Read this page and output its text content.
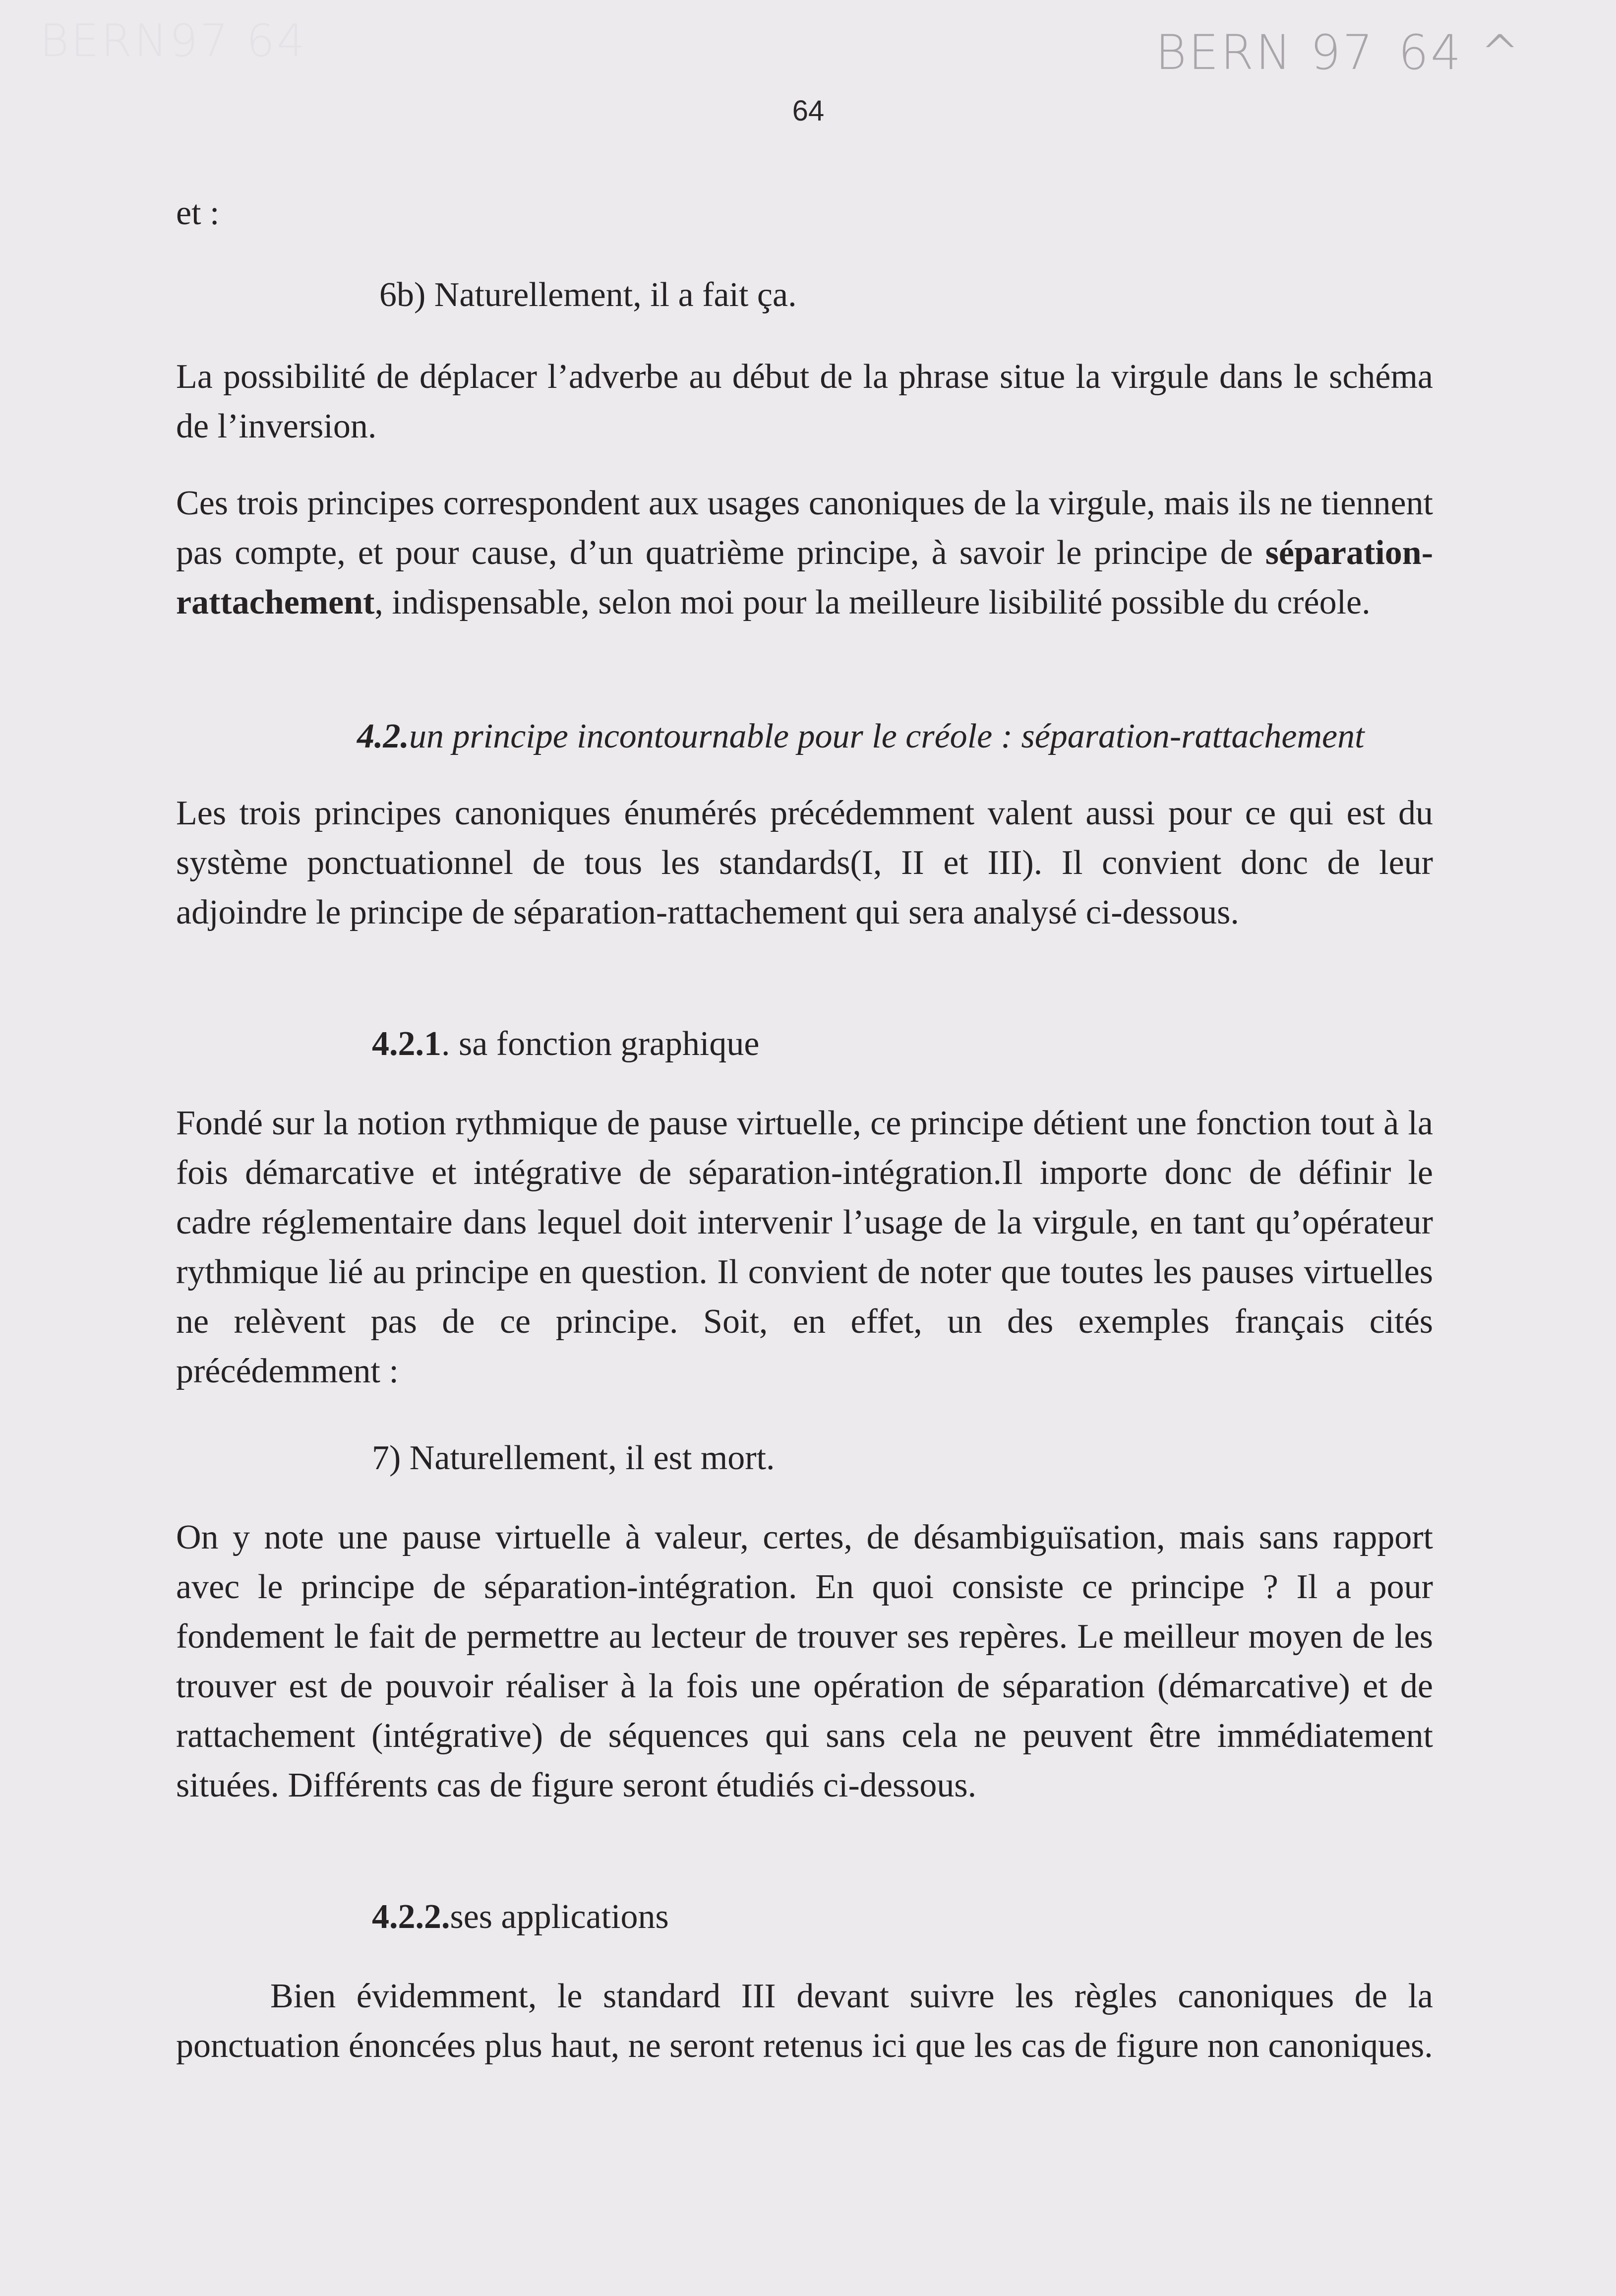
BERN97 64	BERN 97 64 ^
64

et :

6b) Naturellement, il a fait ça.

La possibilité de déplacer l’adverbe au début de la phrase situe la virgule dans le schéma de l’inversion.

Ces trois principes correspondent aux usages canoniques de la virgule, mais ils ne tiennent pas compte, et pour cause, d’un quatrième principe, à savoir le principe de séparation-rattachement, indispensable, selon moi pour la meilleure lisibilité possible du créole.

4.2.un principe incontournable pour le créole : séparation-rattachement

Les trois principes canoniques énumérés précédemment valent aussi pour ce qui est du système ponctuationnel de tous les standards(I, II et III). Il convient donc de leur adjoindre le principe de séparation-rattachement qui sera analysé ci-dessous.

4.2.1. sa fonction graphique

Fondé sur la notion rythmique de pause virtuelle, ce principe détient une fonction tout à la fois démarcative et intégrative de séparation-intégration.Il importe donc de définir le cadre réglementaire dans lequel doit intervenir l’usage de la virgule, en tant qu’opérateur rythmique lié au principe en question. Il convient de noter que toutes les pauses virtuelles ne relèvent pas de ce principe. Soit, en effet, un des exemples français cités précédemment :

7) Naturellement, il est mort.

On y note une pause virtuelle à valeur, certes, de désambiguïsation, mais sans rapport avec le principe de séparation-intégration. En quoi consiste ce principe ? Il a pour fondement le fait de permettre au lecteur de trouver ses repères. Le meilleur moyen de les trouver est de pouvoir réaliser à la fois une opération de séparation (démarcative) et de rattachement (intégrative) de séquences qui sans cela ne peuvent être immédiatement situées. Différents cas de figure seront étudiés ci-dessous.

4.2.2.ses applications

Bien évidemment, le standard III devant suivre les règles canoniques de la ponctuation énoncées plus haut, ne seront retenus ici que les cas de figure non canoniques.
